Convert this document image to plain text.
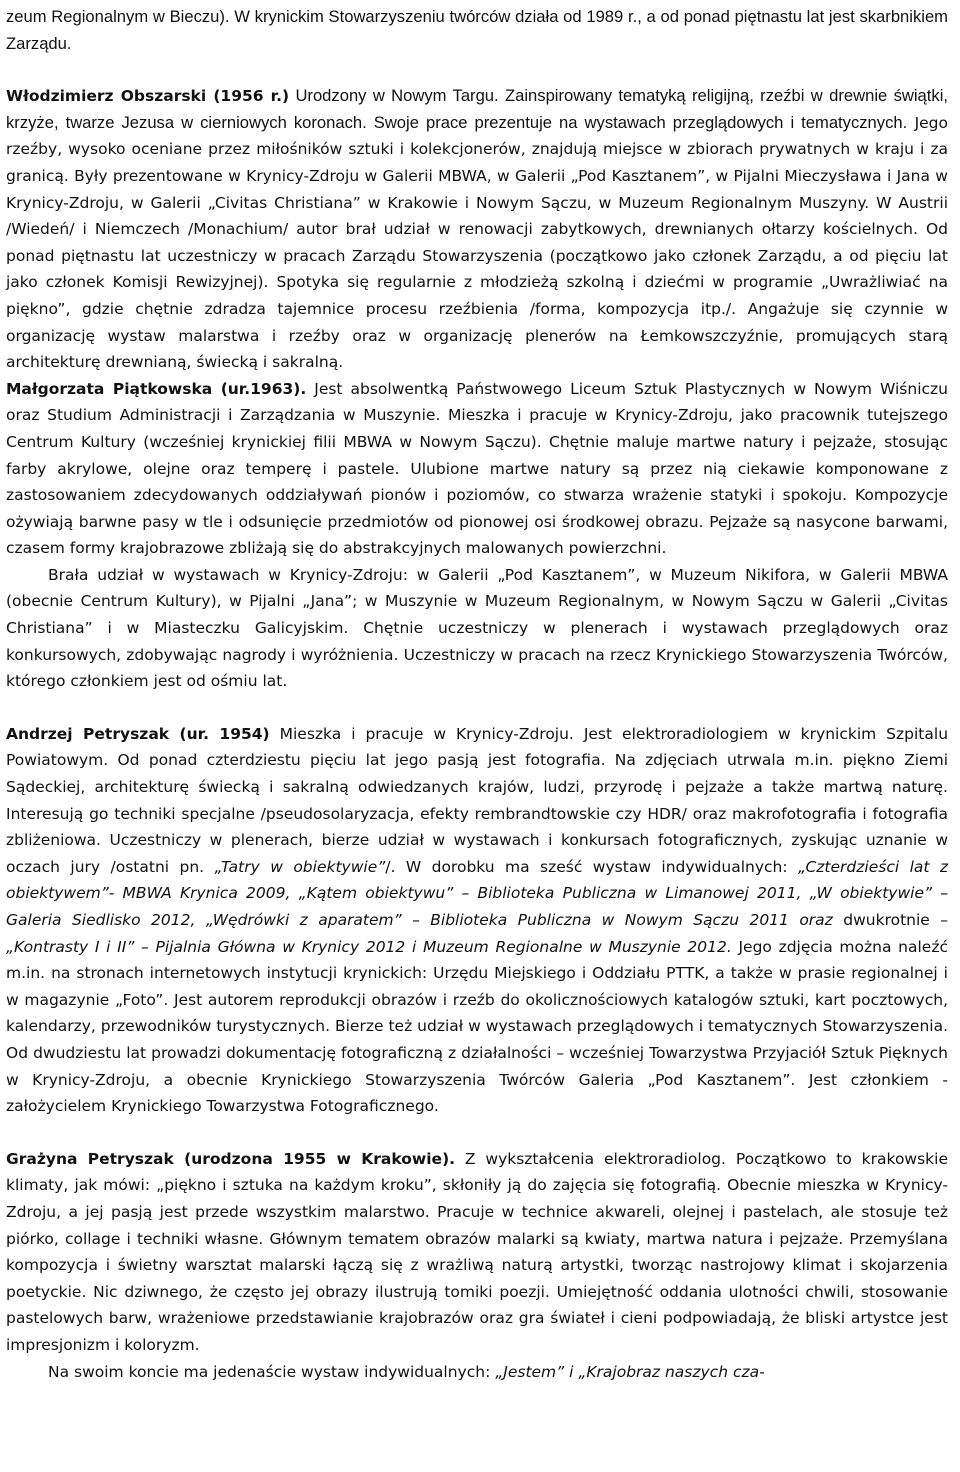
zeum Regionalnym w Bieczu). W krynickim Stowarzyszeniu twórców działa od 1989 r., a od ponad piętnastu lat jest skarbnikiem Zarządu.

Włodzimierz Obszarski (1956 r.) Urodzony w Nowym Targu. Zainspirowany tematyką religijną, rzeźbi w drewnie świątki, krzyże, twarze Jezusa w cierniowych koronach. Swoje prace prezentuje na wystawach przeglądowych i tematycznych. Jego rzeźby, wysoko oceniane przez miłośników sztuki i kolekcjonerów, znajdują miejsce w zbiorach prywatnych w kraju i za granicą. Były prezentowane w Krynicy-Zdroju w Galerii MBWA, w Galerii „Pod Kasztanem”, w Pijalni Mieczysława i Jana w Krynicy-Zdroju, w Galerii „Civitas Christiana” w Krakowie i Nowym Sączu, w Muzeum Regionalnym Muszyny. W Austrii /Wiedeń/ i Niemczech /Monachium/ autor brał udział w renowacji zabytkowych, drewnianych ołtarzy kościelnych. Od ponad piętnastu lat uczestniczy w pracach Zarządu Stowarzyszenia (początkowo jako członek Zarządu, a od pięciu lat jako członek Komisji Rewizyjnej). Spotyka się regularnie z młodzieżą szkolną i dziećmi w programie „Uwrażliwiać na piękno”, gdzie chętnie zdradza tajemnice procesu rzeźbienia /forma, kompozycja itp./. Angażuje się czynnie w organizację wystaw malarstwa i rzeźby oraz w organizację plenerów na Łemkowszczyźnie, promujących starą architekturę drewnianą, świecką i sakralną.

Małgorzata Piątkowska (ur.1963). Jest absolwentką Państwowego Liceum Sztuk Plastycznych w Nowym Wiśniczu oraz Studium Administracji i Zarządzania w Muszynie. Mieszka i pracuje w Krynicy-Zdroju, jako pracownik tutejszego Centrum Kultury (wcześniej krynickiej filii MBWA w Nowym Sączu). Chętnie maluje martwe natury i pejzaże, stosując farby akrylowe, olejne oraz temperę i pastele. Ulubione martwe natury są przez nią ciekawie komponowane z zastosowaniem zdecydowanych oddziaływań pionów i poziomów, co stwarza wrażenie statyki i spokoju. Kompozycje ożywiają barwne pasy w tle i odsunięcie przedmiotów od pionowej osi środkowej obrazu. Pejzaże są nasycone barwami, czasem formy krajobrazowe zbliżają się do abstrakcyjnych malowanych powierzchni.

Brała udział w wystawach w Krynicy-Zdroju: w Galerii „Pod Kasztanem”, w Muzeum Nikifora, w Galerii MBWA (obecnie Centrum Kultury), w Pijalni „Jana”; w Muszynie w Muzeum Regionalnym, w Nowym Sączu w Galerii „Civitas Christiana” i w Miasteczku Galicyjskim. Chętnie uczestniczy w plenerach i wystawach przeglądowych oraz konkursowych, zdobywając nagrody i wyróżnienia. Uczestniczy w pracach na rzecz Krynickiego Stowarzyszenia Twórców, którego członkiem jest od ośmiu lat.

Andrzej Petryszak (ur. 1954) Mieszka i pracuje w Krynicy-Zdroju. Jest elektroradiologiem w krynickim Szpitalu Powiatowym. Od ponad czterdziestu pięciu lat jego pasją jest fotografia. Na zdjęciach utrwala m.in. piękno Ziemi Sądeckiej, architekturę świecką i sakralną odwiedzanych krajów, ludzi, przyrodę i pejzaże a także martwą naturę. Interesują go techniki specjalne /pseudosolaryzacja, efekty rembrandtowskie czy HDR/ oraz makrofotografia i fotografia zbliżeniowa. Uczestniczy w plenerach, bierze udział w wystawach i konkursach fotograficznych, zyskując uznanie w oczach jury /ostatni pn. „Tatry w obiektywie”/. W dorobku ma sześć wystaw indywidualnych: „Czterdzieści lat z obiektywem”- MBWA Krynica 2009, „Kątem obiektywu” – Biblioteka Publiczna w Limanowej 2011, „W obiektywie” – Galeria Siedlisko 2012, „Wędrówki z aparatem” – Biblioteka Publiczna w Nowym Sączu 2011 oraz dwukrotnie – „Kontrasty I i II” – Pijalnia Główna w Krynicy 2012 i Muzeum Regionalne w Muszynie 2012. Jego zdjęcia można naleźć m.in. na stronach internetowych instytucji krynickich: Urzędu Miejskiego i Oddziału PTTK, a także w prasie regionalnej i w magazynie „Foto”. Jest autorem reprodukcji obrazów i rzeźb do okolicznościowych katalogów sztuki, kart pocztowych, kalendarzy, przewodników turystycznych. Bierze też udział w wystawach przeglądowych i tematycznych Stowarzyszenia. Od dwudziestu lat prowadzi dokumentację fotograficzną z działalności – wcześniej Towarzystwa Przyjaciół Sztuk Pięknych w Krynicy-Zdroju, a obecnie Krynickiego Stowarzyszenia Twórców Galeria „Pod Kasztanem”. Jest członkiem - założycielem Krynickiego Towarzystwa Fotograficznego.

Grażyna Petryszak (urodzona 1955 w Krakowie). Z wykształcenia elektroradiolog. Początkowo to krakowskie klimaty, jak mówi: „piękno i sztuka na każdym kroku”, skłoniły ją do zajęcia się fotografią. Obecnie mieszka w Krynicy-Zdroju, a jej pasją jest przede wszystkim malarstwo. Pracuje w technice akwareli, olejnej i pastelach, ale stosuje też piórko, collage i techniki własne. Głównym tematem obrazów malarki są kwiaty, martwa natura i pejzaże. Przemyślana kompozycja i świetny warsztat malarski łączą się z wrażliwą naturą artystki, tworząc nastrojowy klimat i skojarzenia poetyckie. Nic dziwnego, że często jej obrazy ilustrują tomiki poezji. Umiejętność oddania ulotności chwili, stosowanie pastelowych barw, wrażeniowe przedstawianie krajobrazów oraz gra świateł i cieni podpowiadają, że bliski artystce jest impresjonizm i koloryzm.

Na swoim koncie ma jedenaście wystaw indywidualnych: „Jestem” i „Krajobraz naszych cza-
